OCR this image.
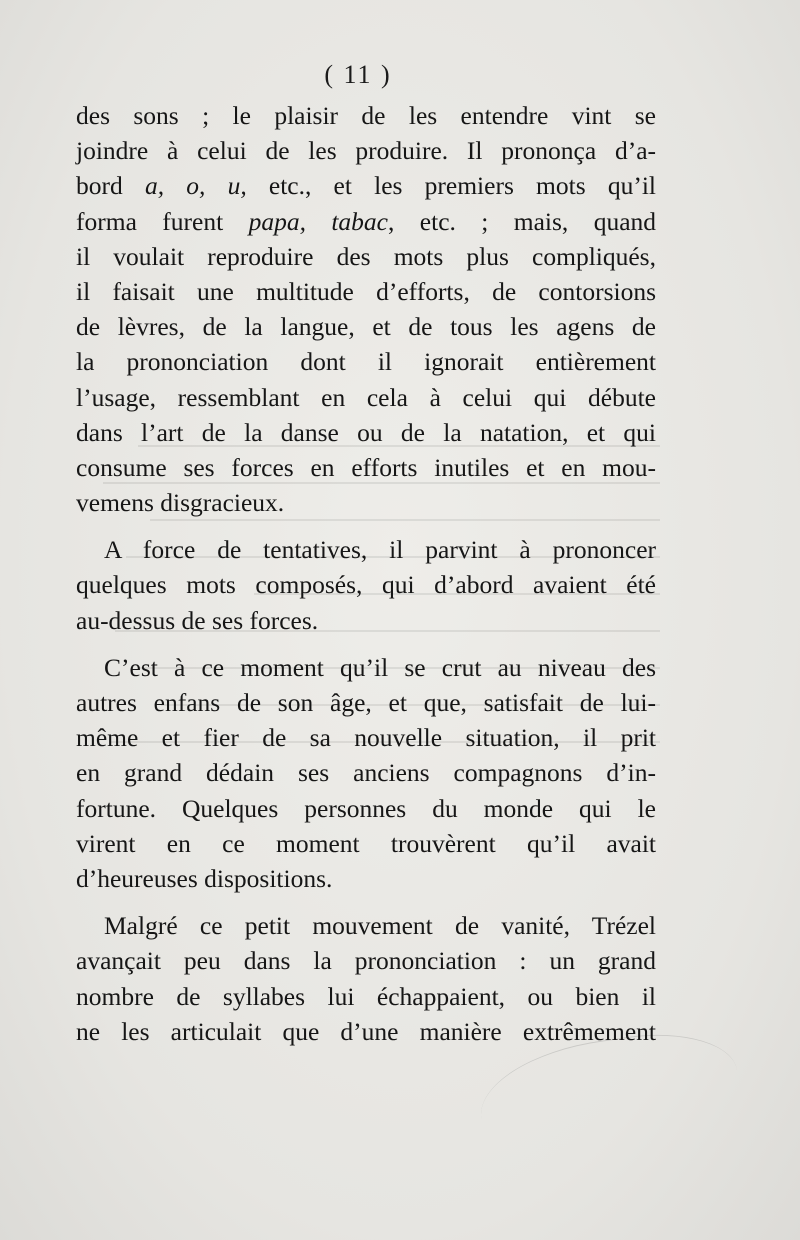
( 11 )
des sons ; le plaisir de les entendre vint se
joindre à celui de les produire. Il prononça d’a-
bord a, o, u, etc., et les premiers mots qu’il
forma furent papa, tabac, etc. ; mais, quand
il voulait reproduire des mots plus compliqués,
il faisait une multitude d’efforts, de contorsions
de lèvres, de la langue, et de tous les agens de
la prononciation dont il ignorait entièrement
l’usage, ressemblant en cela à celui qui débute
dans l’art de la danse ou de la natation, et qui
consume ses forces en efforts inutiles et en mou-
vemens disgracieux.
A force de tentatives, il parvint à prononcer
quelques mots composés, qui d’abord avaient été
au-dessus de ses forces.
C’est à ce moment qu’il se crut au niveau des
autres enfans de son âge, et que, satisfait de lui-
même et fier de sa nouvelle situation, il prit
en grand dédain ses anciens compagnons d’in-
fortune. Quelques personnes du monde qui le
virent en ce moment trouvèrent qu’il avait
d’heureuses dispositions.
Malgré ce petit mouvement de vanité, Trézel
avançait peu dans la prononciation : un grand
nombre de syllabes lui échappaient, ou bien il
ne les articulait que d’une manière extrêmement
